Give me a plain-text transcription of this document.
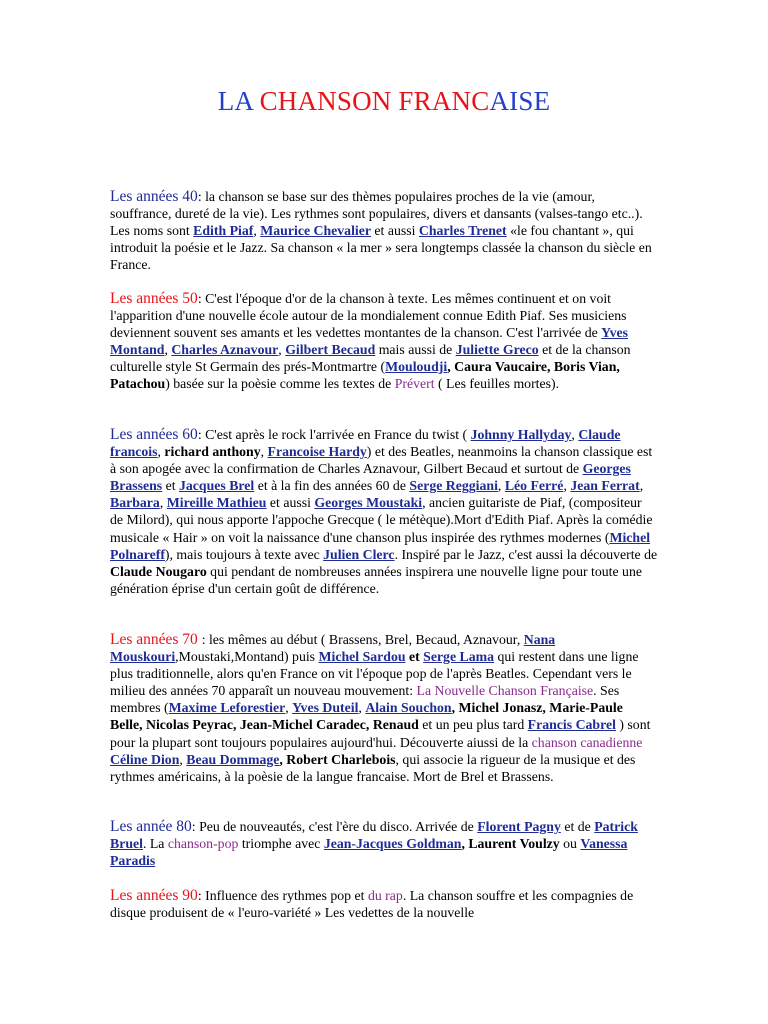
LA CHANSON FRANCAISE

Les années 40: la chanson se base sur des thèmes populaires proches de la vie (amour, souffrance, dureté de la vie). Les rythmes sont populaires, divers et dansants (valses-tango etc..). Les noms sont Edith Piaf, Maurice Chevalier et aussi Charles Trenet «le fou chantant », qui introduit la poésie et le Jazz. Sa chanson « la mer » sera longtemps classée la chanson du siècle en France.

Les années 50: C'est l'époque d'or de la chanson à texte. Les mêmes continuent et on voit l'apparition d'une nouvelle école autour de la mondialement connue Edith Piaf. Ses musiciens deviennent souvent ses amants et les vedettes montantes de la chanson. C'est l'arrivée de Yves Montand, Charles Aznavour, Gilbert Becaud mais aussi de Juliette Greco et de la chanson culturelle style St Germain des prés-Montmartre (Mouloudji, Caura Vaucaire, Boris Vian, Patachou) basée sur la poèsie comme les textes de Prévert ( Les feuilles mortes).

Les années 60: C'est après le rock l'arrivée en France du twist ( Johnny Hallyday, Claude francois, richard anthony, Francoise Hardy) et des Beatles, neanmoins la chanson classique est à son apogée avec la confirmation de Charles Aznavour, Gilbert Becaud et surtout de Georges Brassens et Jacques Brel et à la fin des années 60 de Serge Reggiani, Léo Ferré, Jean Ferrat, Barbara, Mireille Mathieu et aussi Georges Moustaki, ancien guitariste de Piaf, (compositeur de Milord), qui nous apporte l'appoche Grecque ( le métèque).Mort d'Edith Piaf. Après la comédie musicale « Hair » on voit la naissance d'une chanson plus inspirée des rythmes modernes (Michel Polnareff), mais toujours à texte avec Julien Clerc. Inspiré par le Jazz, c'est aussi la découverte de Claude Nougaro qui pendant de nombreuses années inspirera une nouvelle ligne pour toute une génération éprise d'un certain goût de différence.

Les années 70 : les mêmes au début ( Brassens, Brel, Becaud, Aznavour, Nana Mouskouri,Moustaki,Montand) puis Michel Sardou et Serge Lama qui restent dans une ligne plus traditionnelle, alors qu'en France on vit l'époque pop de l'après Beatles. Cependant vers le milieu des années 70 apparaît un nouveau mouvement: La Nouvelle Chanson Française. Ses membres (Maxime Leforestier, Yves Duteil, Alain Souchon, Michel Jonasz, Marie-Paule Belle, Nicolas Peyrac, Jean-Michel Caradec, Renaud et un peu plus tard Francis Cabrel ) sont pour la plupart sont toujours populaires aujourd'hui. Découverte aiussi de la chanson canadienne Céline Dion, Beau Dommage, Robert Charlebois, qui associe la rigueur de la musique et des rythmes américains, à la poèsie de la langue francaise. Mort de Brel et Brassens.

Les année 80: Peu de nouveautés, c'est l'ère du disco. Arrivée de Florent Pagny et de Patrick Bruel. La chanson-pop triomphe avec Jean-Jacques Goldman, Laurent Voulzy ou Vanessa Paradis

Les années 90: Influence des rythmes pop et du rap. La chanson souffre et les compagnies de disque produisent de « l'euro-variété » Les vedettes de la nouvelle
